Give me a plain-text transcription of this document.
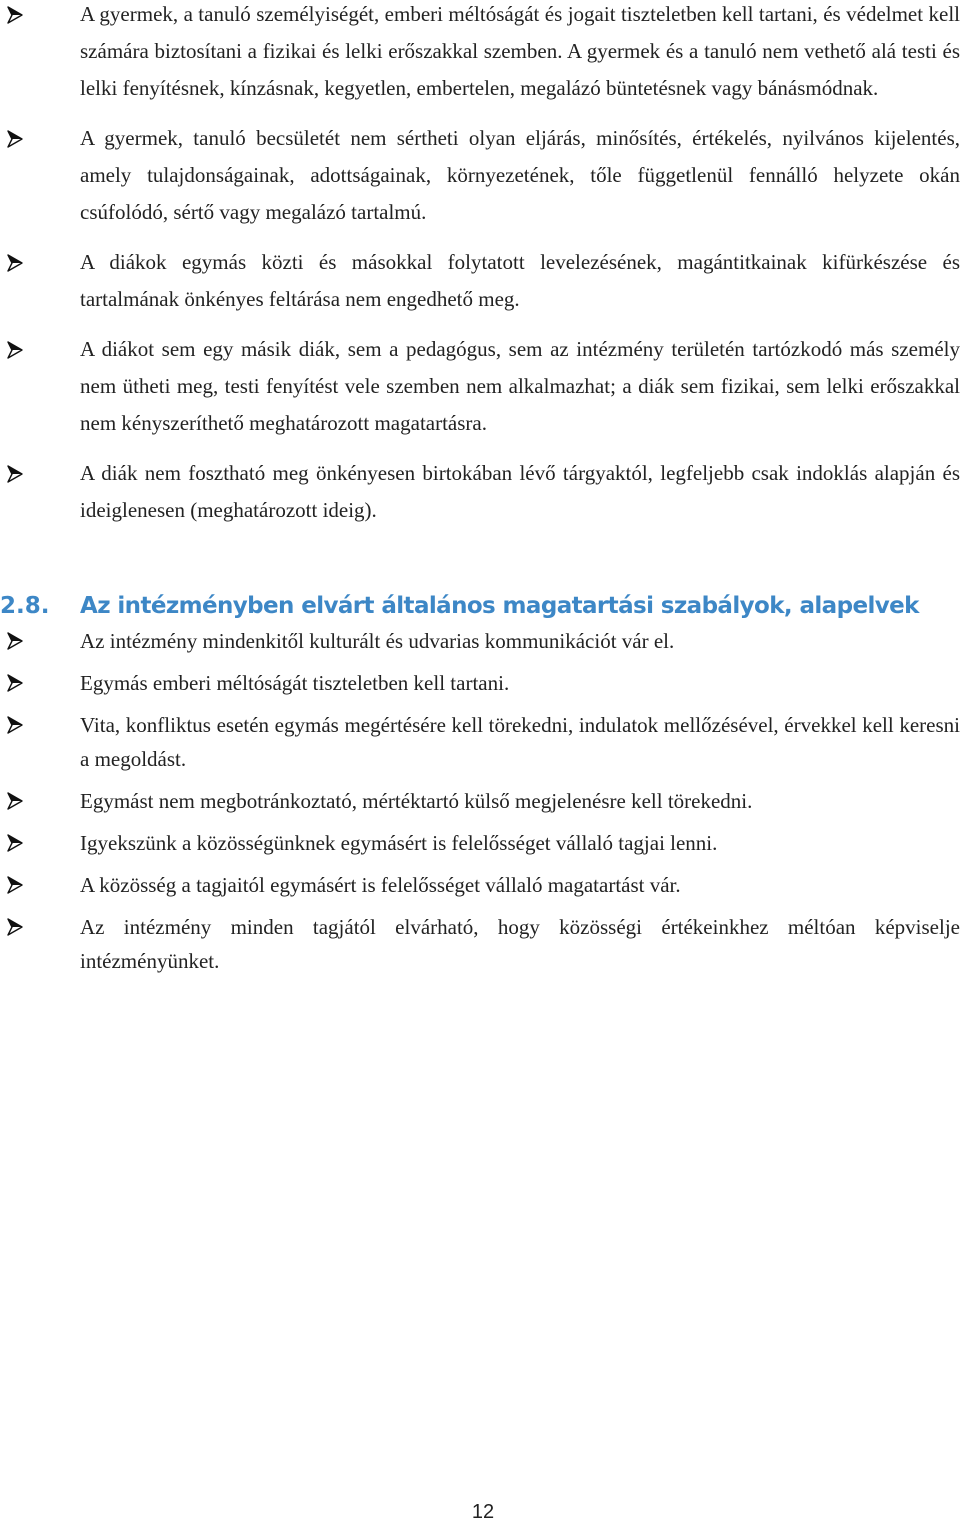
A gyermek, a tanuló személyiségét, emberi méltóságát és jogait tiszteletben kell tartani, és védelmet kell számára biztosítani a fizikai és lelki erőszakkal szemben. A gyermek és a tanuló nem vethető alá testi és lelki fenyítésnek, kínzásnak, kegyetlen, embertelen, megalázó büntetésnek vagy bánásmódnak.
A gyermek, tanuló becsületét nem sértheti olyan eljárás, minősítés, értékelés, nyilvános kijelentés, amely tulajdonságainak, adottságainak, környezetének, tőle függetlenül fennálló helyzete okán csúfolódó, sértő vagy megalázó tartalmú.
A diákok egymás közti és másokkal folytatott levelezésének, magántitkainak kifürkészése és tartalmának önkényes feltárása nem engedhető meg.
A diákot sem egy másik diák, sem a pedagógus, sem az intézmény területén tartózkodó más személy nem ütheti meg, testi fenyítést vele szemben nem alkalmazhat; a diák sem fizikai, sem lelki erőszakkal nem kényszeríthető meghatározott magatartásra.
A diák nem fosztható meg önkényesen birtokában lévő tárgyaktól, legfeljebb csak indoklás alapján és ideiglenesen (meghatározott ideig).
2.8. Az intézményben elvárt általános magatartási szabályok, alapelvek
Az intézmény mindenkitől kulturált és udvarias kommunikációt vár el.
Egymás emberi méltóságát tiszteletben kell tartani.
Vita, konfliktus esetén egymás megértésére kell törekedni, indulatok mellőzésével, érvekkel kell keresni a megoldást.
Egymást nem megbotránkoztató, mértéktartó külső megjelenésre kell törekedni.
Igyekszünk a közösségünknek egymásért is felelősséget vállaló tagjai lenni.
A közösség a tagjaitól egymásért is felelősséget vállaló magatartást vár.
Az intézmény minden tagjától elvárható, hogy közösségi értékeinkhez méltóan képviselje intézményünket.
12
